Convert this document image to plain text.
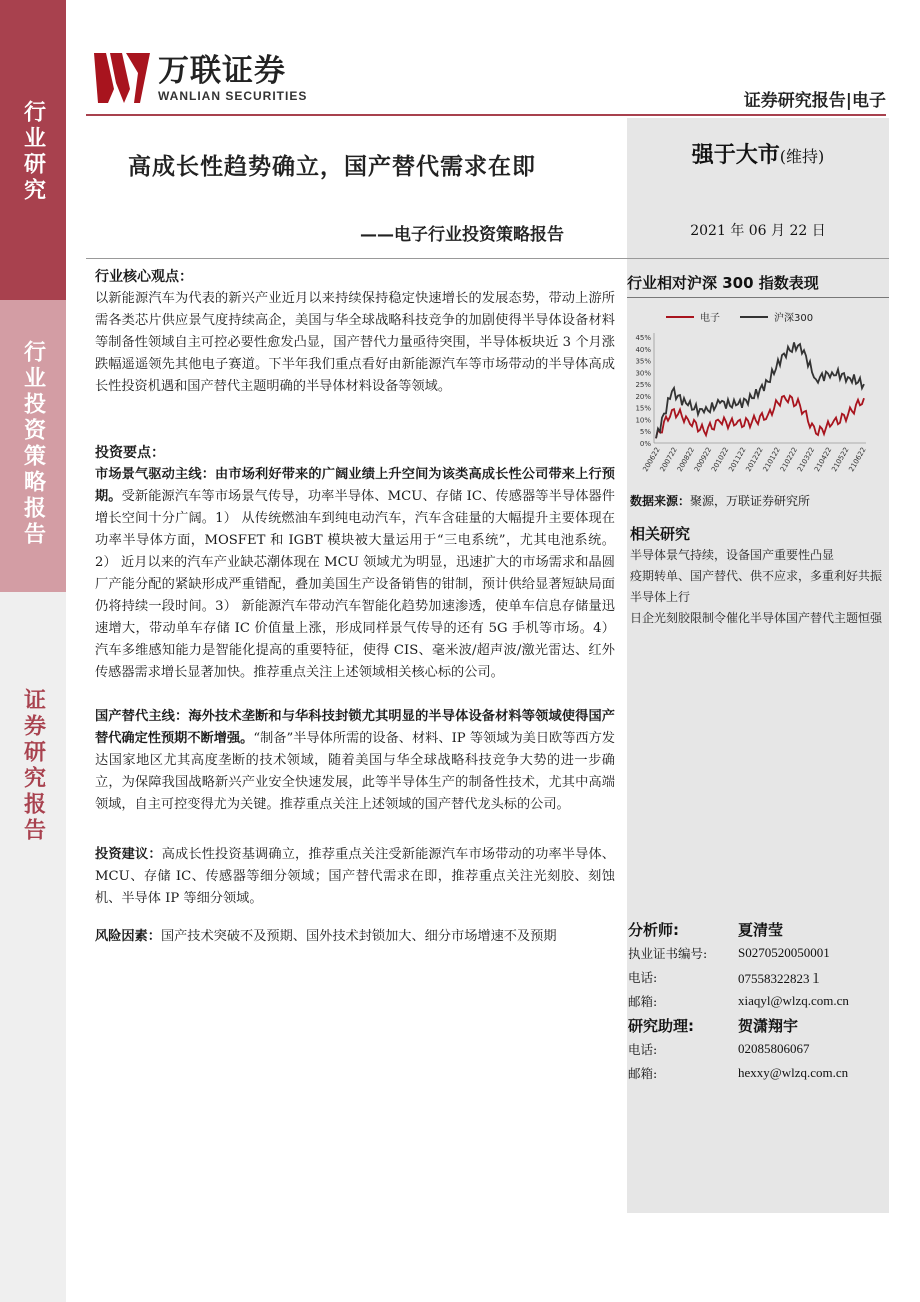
行业研究
行业投资策略报告
证券研究报告
万联证券
WANLIAN SECURITIES	证券研究报告|电子
高成长性趋势确立，国产替代需求在即
——电子行业投资策略报告
强于大市(维持)
2021 年 06 月 22 日
行业核心观点：

以新能源汽车为代表的新兴产业近月以来持续保持稳定快速增长的发展态势，带动上游所需各类芯片供应景气度持续高企，美国与华全球战略科技竞争的加剧使得半导体设备材料等制备性领域自主可控必要性愈发凸显，国产替代力量亟待突围，半导体板块近 3 个月涨跌幅遥遥领先其他电子赛道。下半年我们重点看好由新能源汽车等市场带动的半导体高成长性投资机遇和国产替代主题明确的半导体材料设备等领域。

投资要点：

市场景气驱动主线：由市场利好带来的广阔业绩上升空间为该类高成长性公司带来上行预期。受新能源汽车等市场景气传导，功率半导体、MCU、存储 IC、传感器等半导体器件增长空间十分广阔。1） 从传统燃油车到纯电动汽车，汽车含硅量的大幅提升主要体现在功率半导体方面，MOSFET 和 IGBT 模块被大量运用于“三电系统”，尤其电池系统。2） 近月以来的汽车产业缺芯潮体现在 MCU 领域尤为明显，迅速扩大的市场需求和晶圆厂产能分配的紧缺形成严重错配，叠加美国生产设备销售的钳制，预计供给显著短缺局面仍将持续一段时间。3） 新能源汽车带动汽车智能化趋势加速渗透，使单车信息存储量迅速增大，带动单车存储 IC 价值量上涨，形成同样景气传导的还有 5G 手机等市场。4） 汽车多维感知能力是智能化提高的重要特征，使得 CIS、毫米波/超声波/激光雷达、红外传感器需求增长显著加快。推荐重点关注上述领域相关核心标的公司。

国产替代主线：海外技术垄断和与华科技封锁尤其明显的半导体设备材料等领域使得国产替代确定性预期不断增强。“制备”半导体所需的设备、材料、IP 等领域为美日欧等西方发达国家地区尤其高度垄断的技术领域，随着美国与华全球战略科技竞争大势的进一步确立，为保障我国战略新兴产业安全快速发展，此等半导体生产的制备性技术，尤其中高端领域，自主可控变得尤为关键。推荐重点关注上述领域的国产替代龙头标的公司。

投资建议：高成长性投资基调确立，推荐重点关注受新能源汽车市场带动的功率半导体、MCU、存储 IC、传感器等细分领域；国产替代需求在即，推荐重点关注光刻胶、刻蚀机、半导体 IP 等细分领域。

风险因素：国产技术突破不及预期、国外技术封锁加大、细分市场增速不及预期

行业相对沪深 300 指数表现
电子	沪深300
0%
5%
10%
15%
20%
25%
30%
35%
40%
45%
200622
200722
200822
200922
201022
201122
201222
210122
210222
210322
210422
210522
210622
数据来源：聚源，万联证券研究所
相关研究
半导体景气持续，设备国产重要性凸显
疫期转单、国产替代、供不应求，多重利好共振半导体上行
日企光刻胶限制令催化半导体国产替代主题恒强
分析师:	夏清莹
执业证书编号:	S0270520050001
电话:	07558322823１
邮箱:	xiaqyl@wlzq.com.cn
研究助理:	贺潇翔宇
电话:	02085806067
邮箱:	hexxy@wlzq.com.cn
